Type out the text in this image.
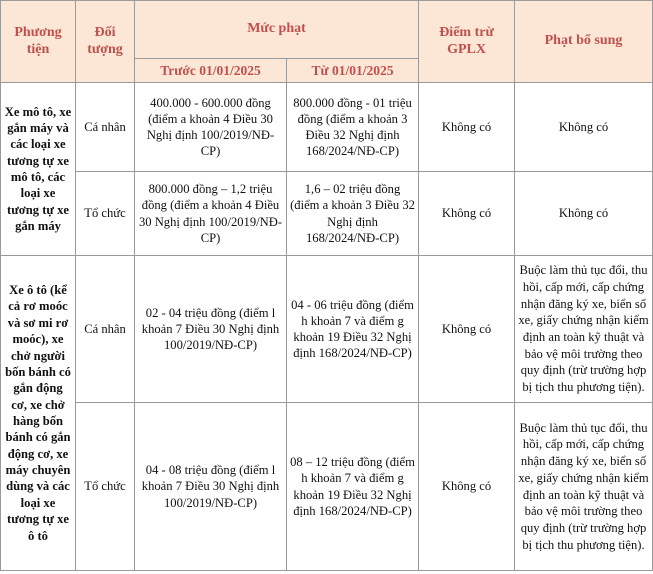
Phương tiện	Đối tượng	Mức phạt		Điểm trừ GPLX	Phạt bổ sung
		Trước 01/01/2025	Từ 01/01/2025		
Xe mô tô, xe gắn máy và các loại xe tương tự xe mô tô, các loại xe tương tự xe gắn máy	Cá nhân	400.000 - 600.000 đồng (điểm a khoản 4 Điều 30 Nghị định 100/2019/NĐ-CP)	800.000 đồng - 01 triệu đồng (điểm a khoản 3 Điều 32 Nghị định 168/2024/NĐ-CP)	Không có	Không có
	Tổ chức	800.000 đồng – 1,2 triệu đồng (điểm a khoản 4 Điều 30 Nghị định 100/2019/NĐ-CP)	1,6 – 02 triệu đồng (điểm a khoản 3 Điều 32 Nghị định 168/2024/NĐ-CP)	Không có	Không có
Xe ô tô (kể cả rơ moóc và sơ mi rơ moóc), xe chở người bốn bánh có gắn động cơ, xe chở hàng bốn bánh có gắn động cơ, xe máy chuyên dùng và các loại xe tương tự xe ô tô	Cá nhân	02 - 04 triệu đồng (điểm l khoản 7 Điều 30 Nghị định 100/2019/NĐ-CP)	04 - 06 triệu đồng (điểm h khoản 7 và điểm g khoản 19 Điều 32 Nghị định 168/2024/NĐ-CP)	Không có	Buộc làm thủ tục đổi, thu hồi, cấp mới, cấp chứng nhận đăng ký xe, biển số xe, giấy chứng nhận kiểm định an toàn kỹ thuật và bảo vệ môi trường theo quy định (trừ trường hợp bị tịch thu phương tiện).
	Tổ chức	04 - 08 triệu đồng (điểm l khoản 7 Điều 30 Nghị định 100/2019/NĐ-CP)	08 – 12 triệu đồng (điểm h khoản 7 và điểm g khoản 19 Điều 32 Nghị định 168/2024/NĐ-CP)	Không có	Buộc làm thủ tục đổi, thu hồi, cấp mới, cấp chứng nhận đăng ký xe, biển số xe, giấy chứng nhận kiểm định an toàn kỹ thuật và bảo vệ môi trường theo quy định (trừ trường hợp bị tịch thu phương tiện).
